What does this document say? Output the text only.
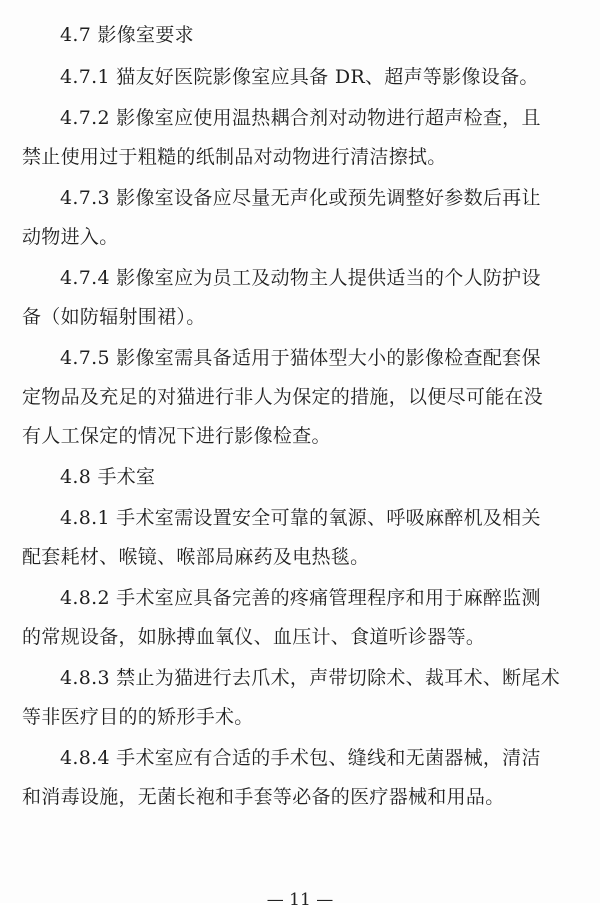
4.7 影像室要求
4.7.1 猫友好医院影像室应具备 DR、超声等影像设备。
4.7.2 影像室应使用温热耦合剂对动物进行超声检查，且
禁止使用过于粗糙的纸制品对动物进行清洁擦拭。
4.7.3 影像室设备应尽量无声化或预先调整好参数后再让
动物进入。
4.7.4 影像室应为员工及动物主人提供适当的个人防护设
备（如防辐射围裙）。
4.7.5 影像室需具备适用于猫体型大小的影像检查配套保
定物品及充足的对猫进行非人为保定的措施，以便尽可能在没
有人工保定的情况下进行影像检查。
4.8 手术室
4.8.1 手术室需设置安全可靠的氧源、呼吸麻醉机及相关
配套耗材、喉镜、喉部局麻药及电热毯。
4.8.2 手术室应具备完善的疼痛管理程序和用于麻醉监测
的常规设备，如脉搏血氧仪、血压计、食道听诊器等。
4.8.3 禁止为猫进行去爪术，声带切除术、裁耳术、断尾术
等非医疗目的的矫形手术。
4.8.4 手术室应有合适的手术包、缝线和无菌器械，清洁
和消毒设施，无菌长袍和手套等必备的医疗器械和用品。
— 11 —
